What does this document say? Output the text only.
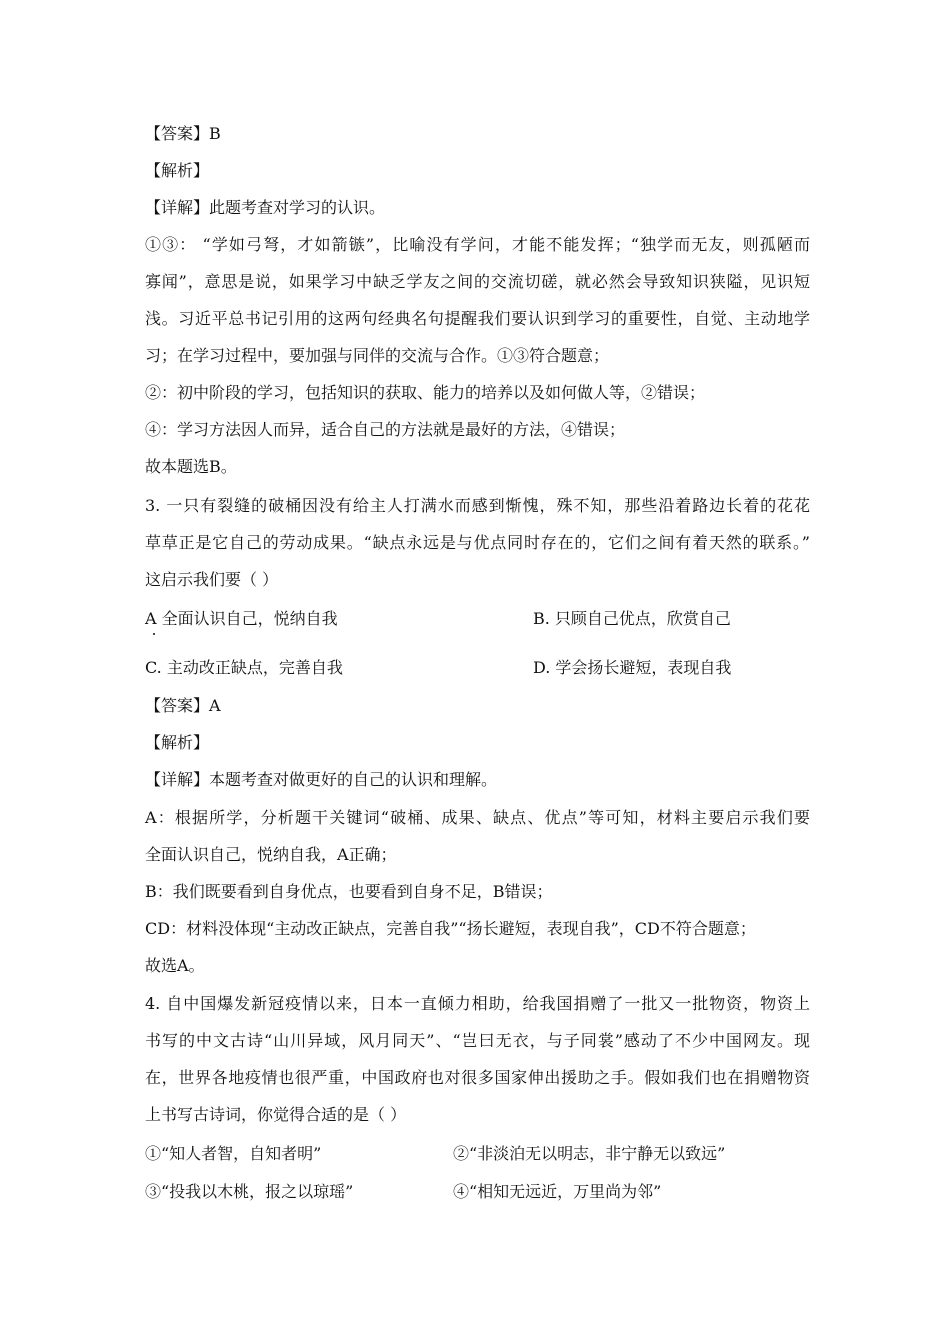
【答案】B
【解析】
【详解】此题考查对学习的认识。
①③： “学如弓弩，才如箭镞”，比喻没有学问，才能不能发挥；“独学而无友，则孤陋而
寡闻”，意思是说，如果学习中缺乏学友之间的交流切磋，就必然会导致知识狭隘，见识短
浅。习近平总书记引用的这两句经典名句提醒我们要认识到学习的重要性，自觉、主动地学
习；在学习过程中，要加强与同伴的交流与合作。①③符合题意；
②：初中阶段的学习，包括知识的获取、能力的培养以及如何做人等，②错误；
④：学习方法因人而异，适合自己的方法就是最好的方法，④错误；
故本题选B。
3. 一只有裂缝的破桶因没有给主人打满水而感到惭愧，殊不知，那些沿着路边长着的花花
草草正是它自己的劳动成果。“缺点永远是与优点同时存在的，它们之间有着天然的联系。”
这启示我们要（ ）
A 全面认识自己，悦纳自我	B. 只顾自己优点，欣赏自己
C. 主动改正缺点，完善自我	D. 学会扬长避短，表现自我
【答案】A
【解析】
【详解】本题考查对做更好的自己的认识和理解。
A：根据所学，分析题干关键词“破桶、成果、缺点、优点”等可知，材料主要启示我们要
全面认识自己，悦纳自我，A正确；
B：我们既要看到自身优点，也要看到自身不足，B错误；
CD：材料没体现“主动改正缺点，完善自我”“扬长避短，表现自我”，CD不符合题意；
故选A。
4. 自中国爆发新冠疫情以来，日本一直倾力相助，给我国捐赠了一批又一批物资，物资上
书写的中文古诗“山川异域，风月同天”、“岂曰无衣，与子同裳”感动了不少中国网友。现
在，世界各地疫情也很严重，中国政府也对很多国家伸出援助之手。假如我们也在捐赠物资
上书写古诗词，你觉得合适的是（ ）
①“知人者智，自知者明”	②“非淡泊无以明志，非宁静无以致远”
③“投我以木桃，报之以琼瑶”	④“相知无远近，万里尚为邻”
